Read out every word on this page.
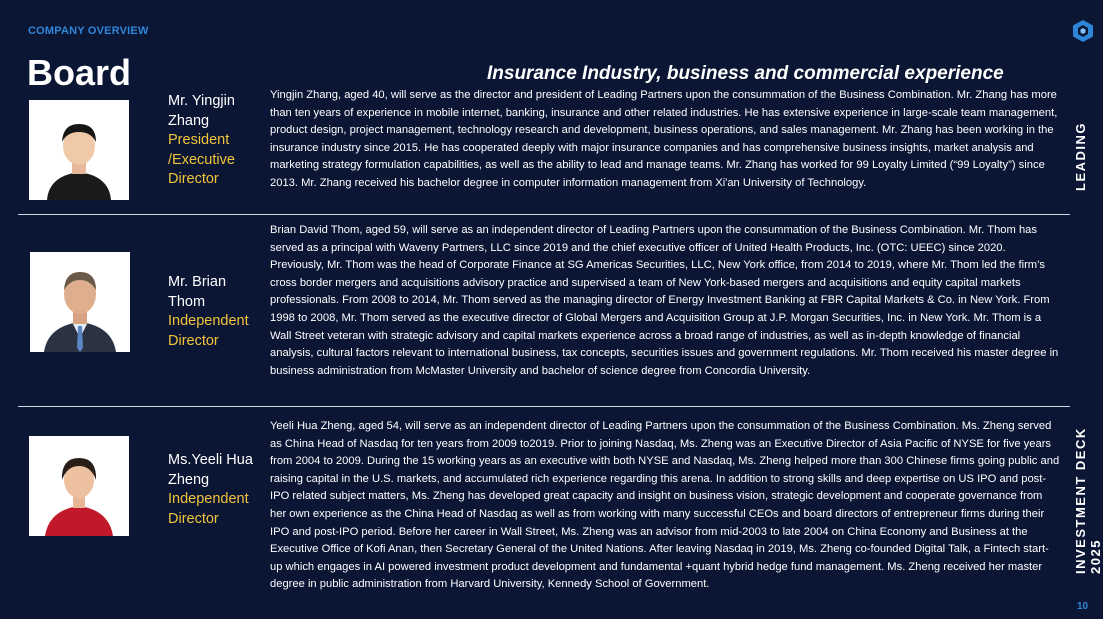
COMPANY OVERVIEW
Board	Insurance Industry, business and commercial experience
LEADING
INVESTMENT DECK 2025
10
Mr. Yingjin Zhang
President /Executive Director
Yingjin Zhang, aged 40, will serve as the director and president of Leading Partners upon the consummation of the Business Combination. Mr. Zhang has more than ten years of experience in mobile internet, banking, insurance and other related industries. He has extensive experience in large-scale team management, product design, project management, technology research and development, business operations, and sales management. Mr. Zhang has been working in the insurance industry since 2015. He has cooperated deeply with major insurance companies and has comprehensive business insights, market analysis and marketing strategy formulation capabilities, as well as the ability to lead and manage teams. Mr. Zhang has worked for 99 Loyalty Limited (“99 Loyalty”) since 2013. Mr. Zhang received his bachelor degree in computer information management from Xi'an University of Technology.
Mr. Brian Thom
Independent Director
Brian David Thom, aged 59, will serve as an independent director of Leading Partners upon the consummation of the Business Combination. Mr. Thom has served as a principal with Waveny Partners, LLC since 2019 and the chief executive officer of United Health Products, Inc. (OTC: UEEC) since 2020. Previously, Mr. Thom was the head of Corporate Finance at SG Americas Securities, LLC, New York office, from 2014 to 2019, where Mr. Thom led the firm’s cross border mergers and acquisitions advisory practice and supervised a team of New York-based mergers and acquisitions and equity capital markets professionals. From 2008 to 2014, Mr. Thom served as the managing director of Energy Investment Banking at FBR Capital Markets & Co. in New York. From 1998 to 2008, Mr. Thom served as the executive director of Global Mergers and Acquisition Group at J.P. Morgan Securities, Inc. in New York. Mr. Thom is a Wall Street veteran with strategic advisory and capital markets experience across a broad range of industries, as well as in-depth knowledge of financial analysis, cultural factors relevant to international business, tax concepts, securities issues and government regulations. Mr. Thom received his master degree in business administration from McMaster University and bachelor of science degree from Concordia University.
Ms.Yeeli Hua Zheng
Independent Director
Yeeli Hua Zheng, aged 54, will serve as an independent director of Leading Partners upon the consummation of the Business Combination. Ms. Zheng served as China Head of Nasdaq for ten years from 2009 to2019. Prior to joining Nasdaq, Ms. Zheng was an Executive Director of Asia Pacific of NYSE for five years from 2004 to 2009. During the 15 working years as an executive with both NYSE and Nasdaq, Ms. Zheng helped more than 300 Chinese firms going public and raising capital in the U.S. markets, and accumulated rich experience regarding this arena. In addition to strong skills and deep expertise on US IPO and post-IPO related subject matters, Ms. Zheng has developed great capacity and insight on business vision, strategic development and cooperate governance from her own experience as the China Head of Nasdaq as well as from working with many successful CEOs and board directors of entrepreneur firms during their IPO and post-IPO period. Before her career in Wall Street, Ms. Zheng was an advisor from mid-2003 to late 2004 on China Economy and Business at the Executive Office of Kofi Anan, then Secretary General of the United Nations. After leaving Nasdaq in 2019, Ms. Zheng co-founded Digital Talk, a Fintech start-up which engages in AI powered investment product development and fundamental +quant hybrid hedge fund management. Ms. Zheng received her master degree in public administration from Harvard University, Kennedy School of Government.
